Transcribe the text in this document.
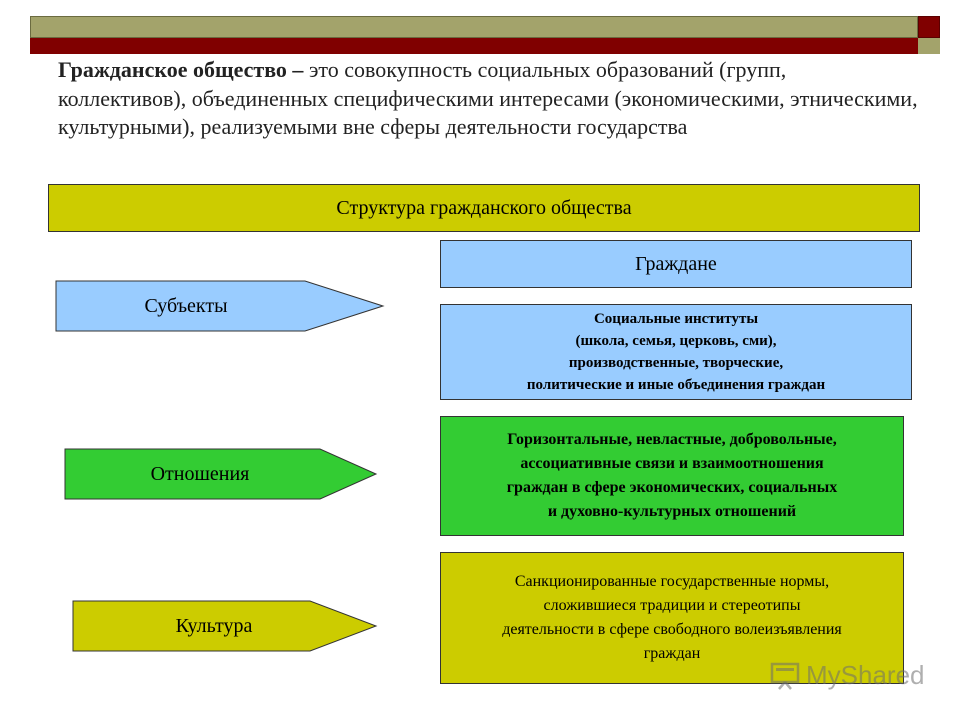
Гражданское общество – это совокупность социальных образований (групп, коллективов), объединенных специфическими интересами (экономическими, этническими, культурными), реализуемыми вне сферы деятельности государства
Структура гражданского общества
Субъекты
Отношения
Культура
Граждане
Социальные институты
(школа, семья, церковь, сми),
производственные, творческие,
политические и иные объединения граждан
Горизонтальные, невластные, добровольные,
ассоциативные связи и взаимоотношения
граждан в сфере экономических, социальных
и духовно-культурных отношений
Санкционированные государственные нормы,
сложившиеся традиции и стереотипы
деятельности в сфере свободного волеизъявления
граждан
MyShared
